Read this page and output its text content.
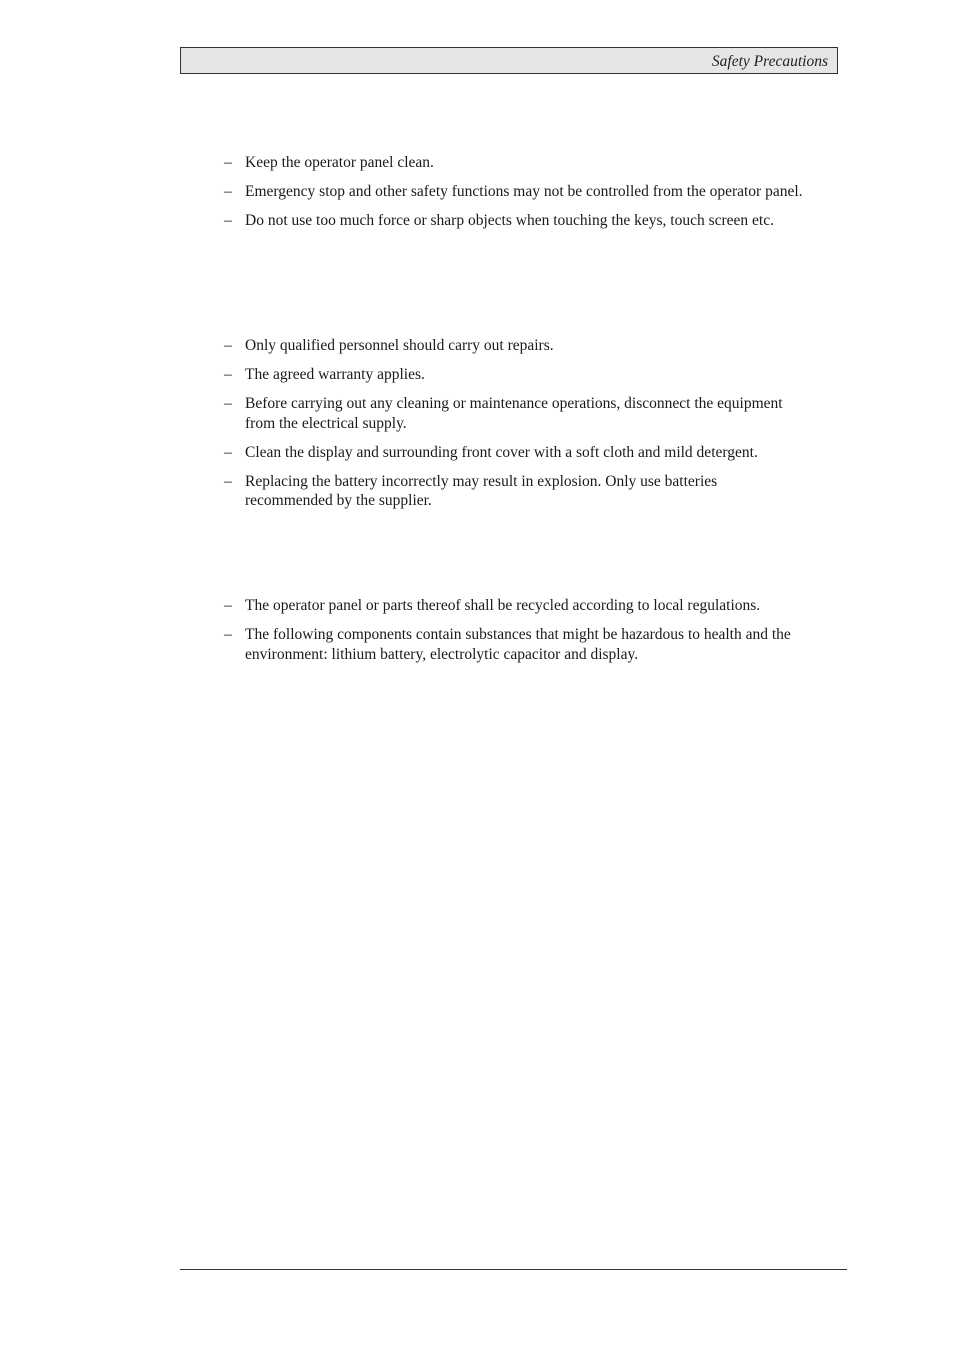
Safety Precautions
– Keep the operator panel clean.
– Emergency stop and other safety functions may not be controlled from the operator panel.
– Do not use too much force or sharp objects when touching the keys, touch screen etc.
– Only qualified personnel should carry out repairs.
– The agreed warranty applies.
– Before carrying out any cleaning or maintenance operations, disconnect the equipment from the electrical supply.
– Clean the display and surrounding front cover with a soft cloth and mild detergent.
– Replacing the battery incorrectly may result in explosion. Only use batteries recommended by the supplier.
– The operator panel or parts thereof shall be recycled according to local regulations.
– The following components contain substances that might be hazardous to health and the environment: lithium battery, electrolytic capacitor and display.
